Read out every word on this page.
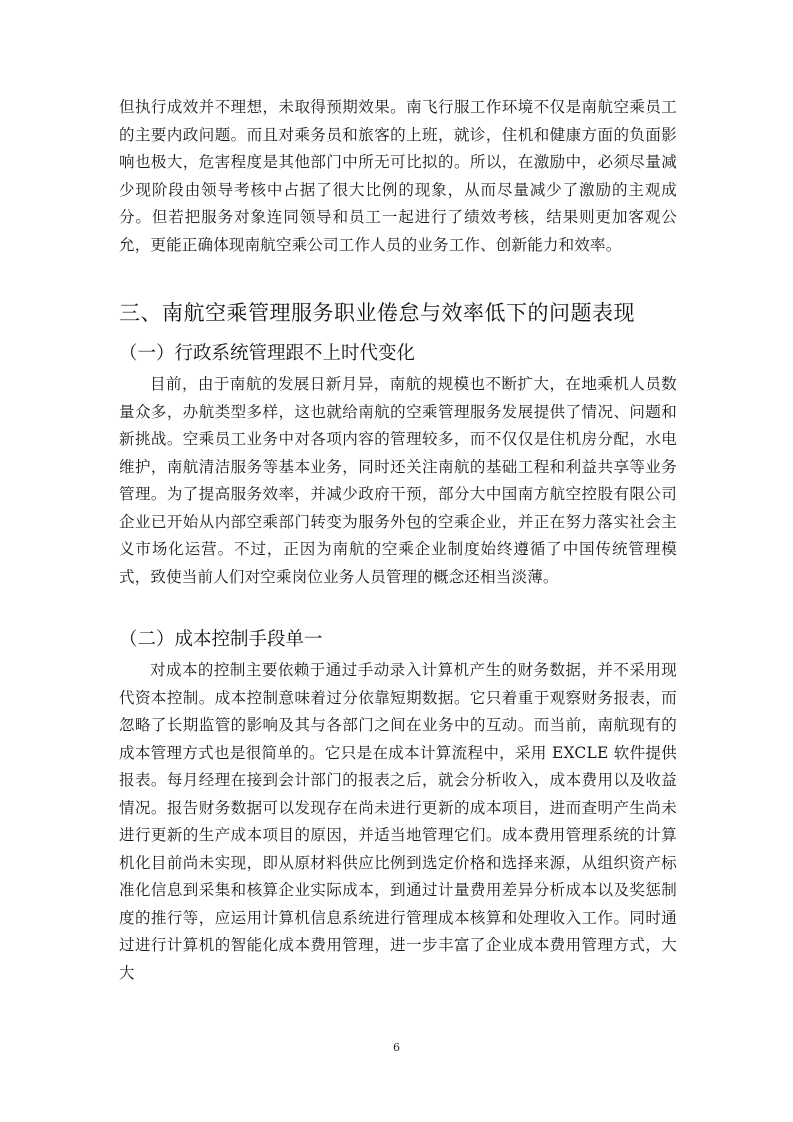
但执行成效并不理想，未取得预期效果。南飞行服工作环境不仅是南航空乘员工的主要内政问题。而且对乘务员和旅客的上班，就诊，住机和健康方面的负面影响也极大，危害程度是其他部门中所无可比拟的。所以，在激励中，必须尽量减少现阶段由领导考核中占据了很大比例的现象，从而尽量减少了激励的主观成分。但若把服务对象连同领导和员工一起进行了绩效考核，结果则更加客观公允，更能正确体现南航空乘公司工作人员的业务工作、创新能力和效率。

三、南航空乘管理服务职业倦怠与效率低下的问题表现
（一）行政系统管理跟不上时代变化

目前，由于南航的发展日新月异，南航的规模也不断扩大，在地乘机人员数量众多，办航类型多样，这也就给南航的空乘管理服务发展提供了情况、问题和新挑战。空乘员工业务中对各项内容的管理较多，而不仅仅是住机房分配，水电维护，南航清洁服务等基本业务，同时还关注南航的基础工程和利益共享等业务管理。为了提高服务效率，并减少政府干预，部分大中国南方航空控股有限公司企业已开始从内部空乘部门转变为服务外包的空乘企业，并正在努力落实社会主义市场化运营。不过，正因为南航的空乘企业制度始终遵循了中国传统管理模式，致使当前人们对空乘岗位业务人员管理的概念还相当淡薄。

（二）成本控制手段单一

对成本的控制主要依赖于通过手动录入计算机产生的财务数据，并不采用现代资本控制。成本控制意味着过分依靠短期数据。它只着重于观察财务报表，而忽略了长期监管的影响及其与各部门之间在业务中的互动。而当前，南航现有的成本管理方式也是很简单的。它只是在成本计算流程中，采用 EXCLE 软件提供报表。每月经理在接到会计部门的报表之后，就会分析收入，成本费用以及收益情况。报告财务数据可以发现存在尚未进行更新的成本项目，进而查明产生尚未进行更新的生产成本项目的原因，并适当地管理它们。成本费用管理系统的计算机化目前尚未实现，即从原材料供应比例到选定价格和选择来源，从组织资产标准化信息到采集和核算企业实际成本，到通过计量费用差异分析成本以及奖惩制度的推行等，应运用计算机信息系统进行管理成本核算和处理收入工作。同时通过进行计算机的智能化成本费用管理，进一步丰富了企业成本费用管理方式，大大

6
